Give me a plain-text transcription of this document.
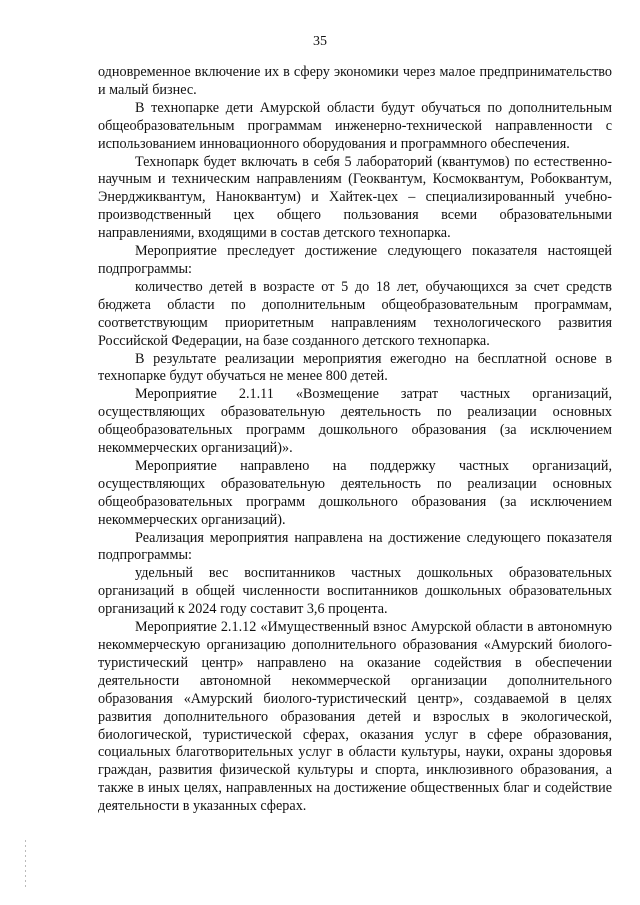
35

одновременное включение их в сферу экономики через малое предпринимательство и малый бизнес.

В технопарке дети Амурской области будут обучаться по дополнительным общеобразовательным программам инженерно-технической направленности с использованием инновационного оборудования и программного обеспечения.

Технопарк будет включать в себя 5 лабораторий (квантумов) по естественно-научным и техническим направлениям (Геоквантум, Космоквантум, Робоквантум, Энерджиквантум, Наноквантум) и Хайтек-цех – специализированный учебно-производственный цех общего пользования всеми образовательными направлениями, входящими в состав детского технопарка.

Мероприятие преследует достижение следующего показателя настоящей подпрограммы:

количество детей в возрасте от 5 до 18 лет, обучающихся за счет средств бюджета области по дополнительным общеобразовательным программам, соответствующим приоритетным направлениям технологического развития Российской Федерации, на базе созданного детского технопарка.

В результате реализации мероприятия ежегодно на бесплатной основе в технопарке будут обучаться не менее 800 детей.

Мероприятие 2.1.11 «Возмещение затрат частных организаций, осуществляющих образовательную деятельность по реализации основных общеобразовательных программ дошкольного образования (за исключением некоммерческих организаций)».

Мероприятие направлено на поддержку частных организаций, осуществляющих образовательную деятельность по реализации основных общеобразовательных программ дошкольного образования (за исключением некоммерческих организаций).

Реализация мероприятия направлена на достижение следующего показателя подпрограммы:

удельный вес воспитанников частных дошкольных образовательных организаций в общей численности воспитанников дошкольных образовательных организаций к 2024 году составит 3,6 процента.

Мероприятие 2.1.12 «Имущественный взнос Амурской области в автономную некоммерческую организацию дополнительного образования «Амурский биолого-туристический центр» направлено на оказание содействия в обеспечении деятельности автономной некоммерческой организации дополнительного образования «Амурский биолого-туристический центр», создаваемой в целях развития дополнительного образования детей и взрослых в экологической, биологической, туристической сферах, оказания услуг в сфере образования, социальных благотворительных услуг в области культуры, науки, охраны здоровья граждан, развития физической культуры и спорта, инклюзивного образования, а также в иных целях, направленных на достижение общественных благ и содействие деятельности в указанных сферах.
